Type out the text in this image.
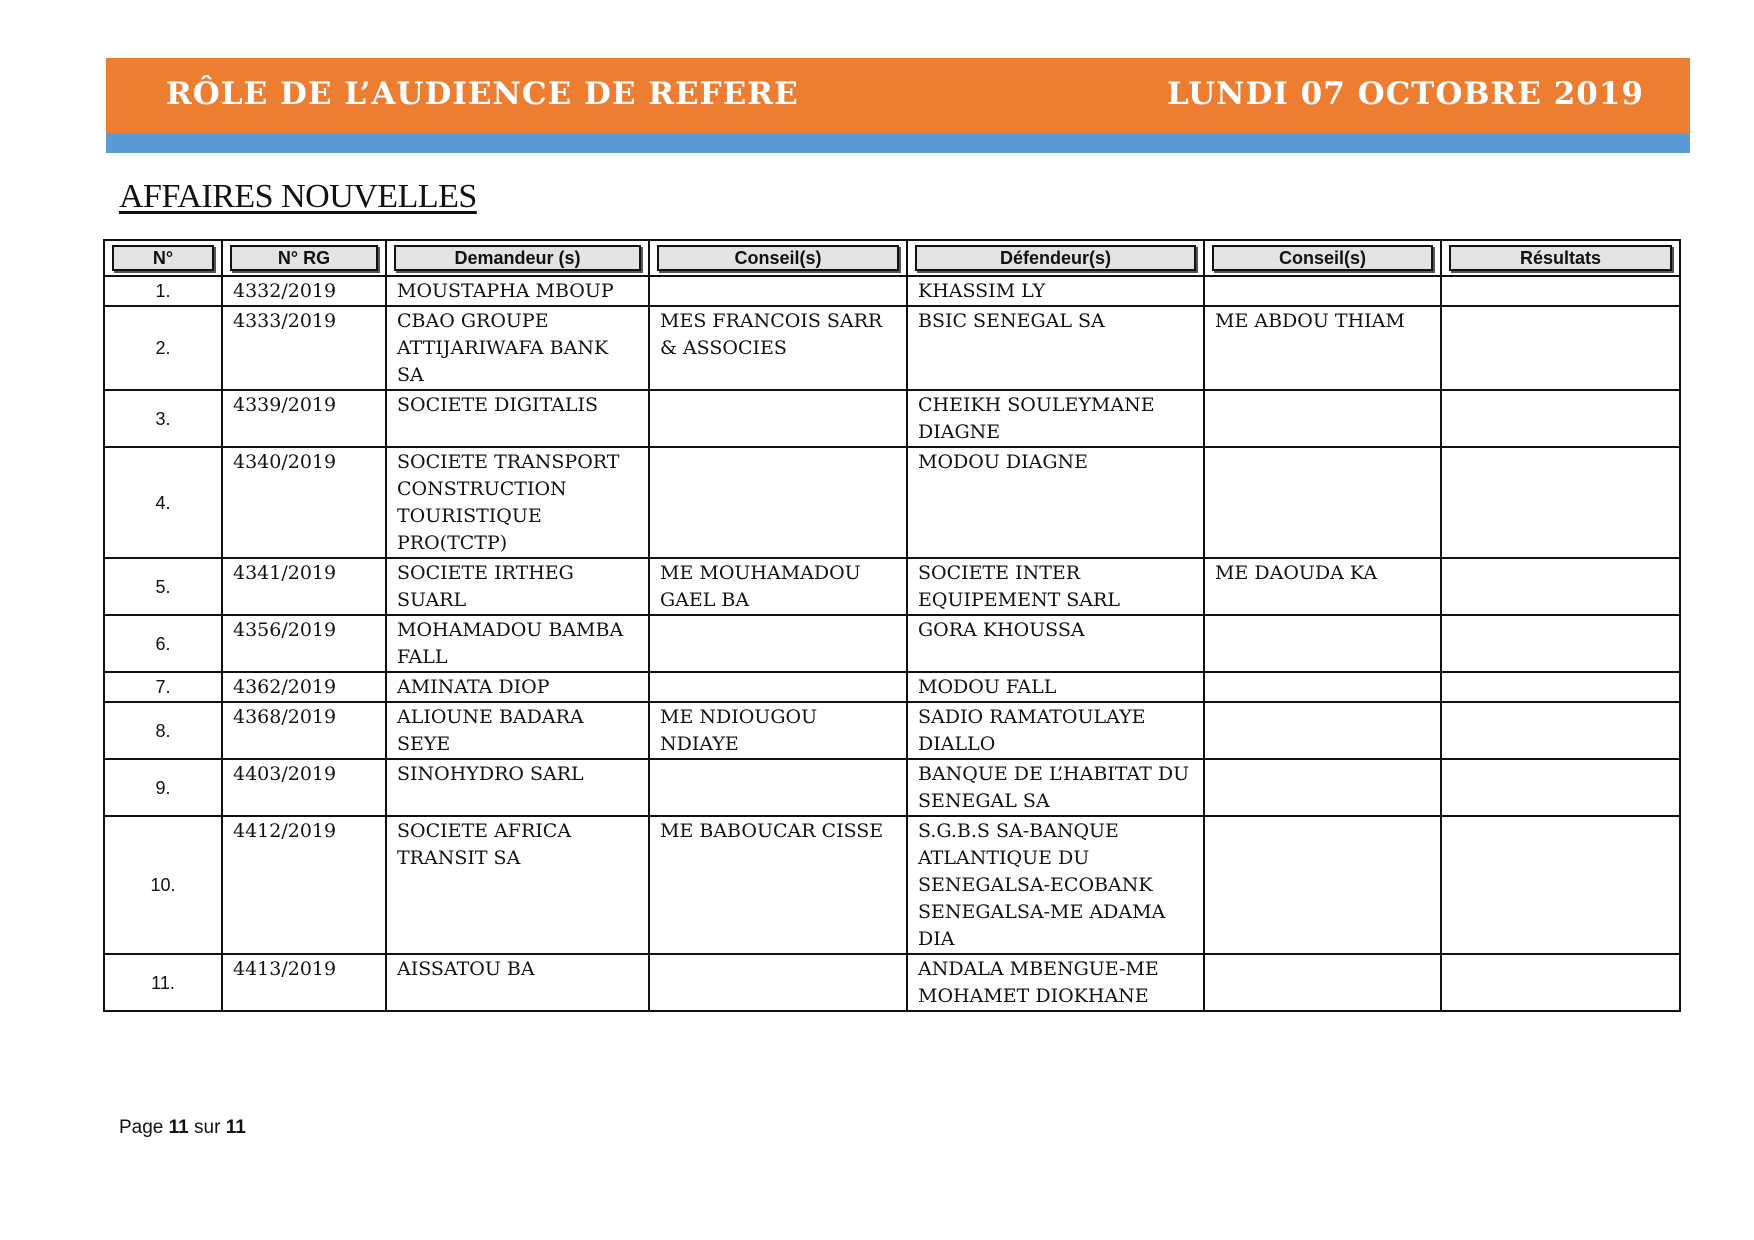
RÔLE DE L’AUDIENCE DE REFERE	LUNDI 07 OCTOBRE 2019
AFFAIRES NOUVELLES
N°	N° RG	Demandeur (s)	Conseil(s)	Défendeur(s)	Conseil(s)	Résultats

1.	4332/2019	MOUSTAPHA MBOUP		KHASSIM LY		
2.	4333/2019	CBAO GROUPE ATTIJARIWAFA BANK SA	MES FRANCOIS SARR & ASSOCIES	BSIC SENEGAL SA	ME ABDOU THIAM	
3.	4339/2019	SOCIETE DIGITALIS		CHEIKH SOULEYMANE DIAGNE		
4.	4340/2019	SOCIETE TRANSPORT CONSTRUCTION TOURISTIQUE PRO(TCTP)		MODOU DIAGNE		
5.	4341/2019	SOCIETE IRTHEG SUARL	ME MOUHAMADOU GAEL BA	SOCIETE INTER EQUIPEMENT SARL	ME DAOUDA KA	
6.	4356/2019	MOHAMADOU BAMBA FALL		GORA KHOUSSA		
7.	4362/2019	AMINATA DIOP		MODOU FALL		
8.	4368/2019	ALIOUNE BADARA SEYE	ME NDIOUGOU NDIAYE	SADIO RAMATOULAYE DIALLO		
9.	4403/2019	SINOHYDRO SARL		BANQUE DE L’HABITAT DU SENEGAL SA		
10.	4412/2019	SOCIETE AFRICA TRANSIT SA	ME BABOUCAR CISSE	S.G.B.S SA-BANQUE ATLANTIQUE DU SENEGALSA-ECOBANK SENEGALSA-ME ADAMA DIA		
11.	4413/2019	AISSATOU BA		ANDALA MBENGUE-ME MOHAMET DIOKHANE		
Page 11 sur 11
